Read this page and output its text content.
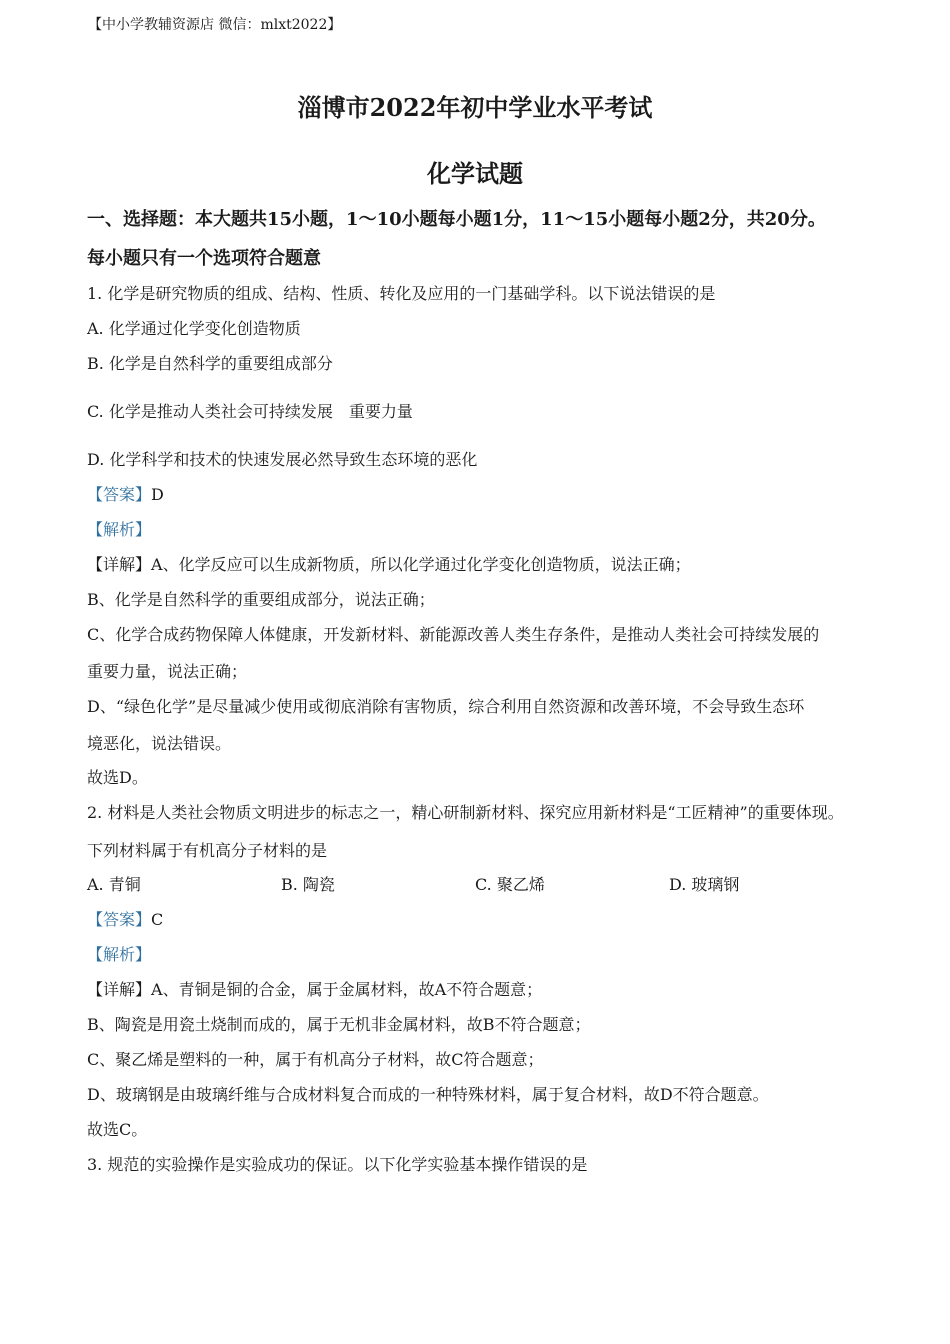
【中小学教辅资源店 微信：mlxt2022】
淄博市2022年初中学业水平考试
化学试题
一、选择题：本大题共15小题，1～10小题每小题1分，11～15小题每小题2分，共20分。
每小题只有一个选项符合题意
1. 化学是研究物质的组成、结构、性质、转化及应用的一门基础学科。以下说法错误的是
A. 化学通过化学变化创造物质
B. 化学是自然科学的重要组成部分
C. 化学是推动人类社会可持续发展　重要力量
D. 化学科学和技术的快速发展必然导致生态环境的恶化
【答案】D
【解析】
【详解】A、化学反应可以生成新物质，所以化学通过化学变化创造物质，说法正确；
B、化学是自然科学的重要组成部分，说法正确；
C、化学合成药物保障人体健康，开发新材料、新能源改善人类生存条件，是推动人类社会可持续发展的
重要力量，说法正确；
D、“绿色化学”是尽量减少使用或彻底消除有害物质，综合利用自然资源和改善环境，不会导致生态环
境恶化，说法错误。
故选D。
2. 材料是人类社会物质文明进步的标志之一，精心研制新材料、探究应用新材料是“工匠精神”的重要体现。
下列材料属于有机高分子材料的是
A. 青铜	B. 陶瓷	C. 聚乙烯	D. 玻璃钢
【答案】C
【解析】
【详解】A、青铜是铜的合金，属于金属材料，故A不符合题意；
B、陶瓷是用瓷土烧制而成的，属于无机非金属材料，故B不符合题意；
C、聚乙烯是塑料的一种，属于有机高分子材料，故C符合题意；
D、玻璃钢是由玻璃纤维与合成材料复合而成的一种特殊材料，属于复合材料，故D不符合题意。
故选C。
3. 规范的实验操作是实验成功的保证。以下化学实验基本操作错误的是
